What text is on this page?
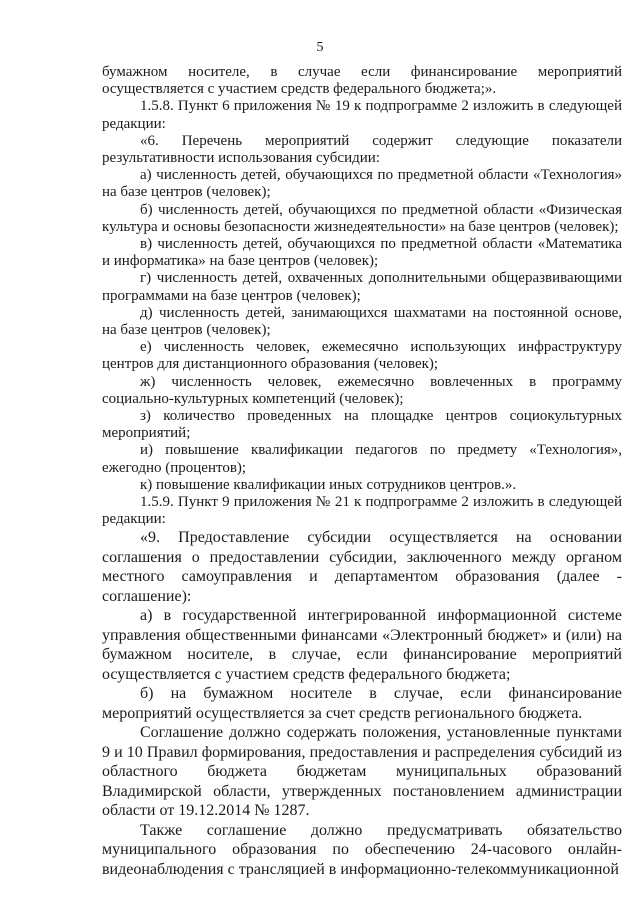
5

бумажном носителе, в случае если финансирование мероприятий осуществляется с участием средств федерального бюджета;».

1.5.8. Пункт 6 приложения № 19 к подпрограмме 2 изложить в следующей редакции:

«6. Перечень мероприятий содержит следующие показатели результативности использования субсидии:

а) численность детей, обучающихся по предметной области «Технология» на базе центров (человек);

б) численность детей, обучающихся по предметной области «Физическая культура и основы безопасности жизнедеятельности» на базе центров (человек);

в) численность детей, обучающихся по предметной области «Математика и информатика» на базе центров (человек);

г) численность детей, охваченных дополнительными общеразвивающими программами на базе центров (человек);

д) численность детей, занимающихся шахматами на постоянной основе, на базе центров (человек);

е) численность человек, ежемесячно использующих инфраструктуру центров для дистанционного образования (человек);

ж) численность человек, ежемесячно вовлеченных в программу социально-культурных компетенций (человек);

з) количество проведенных на площадке центров социокультурных мероприятий;

и) повышение квалификации педагогов по предмету «Технология», ежегодно (процентов);

к) повышение квалификации иных сотрудников центров.».

1.5.9. Пункт 9 приложения № 21 к подпрограмме 2 изложить в следующей редакции:

«9. Предоставление субсидии осуществляется на основании соглашения о предоставлении субсидии, заключенного между органом местного самоуправления и департаментом образования (далее - соглашение):

а) в государственной интегрированной информационной системе управления общественными финансами «Электронный бюджет» и (или) на бумажном носителе, в случае, если финансирование мероприятий осуществляется с участием средств федерального бюджета;

б) на бумажном носителе в случае, если финансирование мероприятий осуществляется за счет средств регионального бюджета.

Соглашение должно содержать положения, установленные пунктами 9 и 10 Правил формирования, предоставления и распределения субсидий из областного бюджета бюджетам муниципальных образований Владимирской области, утвержденных постановлением администрации области от 19.12.2014 № 1287.

Также соглашение должно предусматривать обязательство муниципального образования по обеспечению 24-часового онлайн-видеонаблюдения с трансляцией в информационно-телекоммуникационной
